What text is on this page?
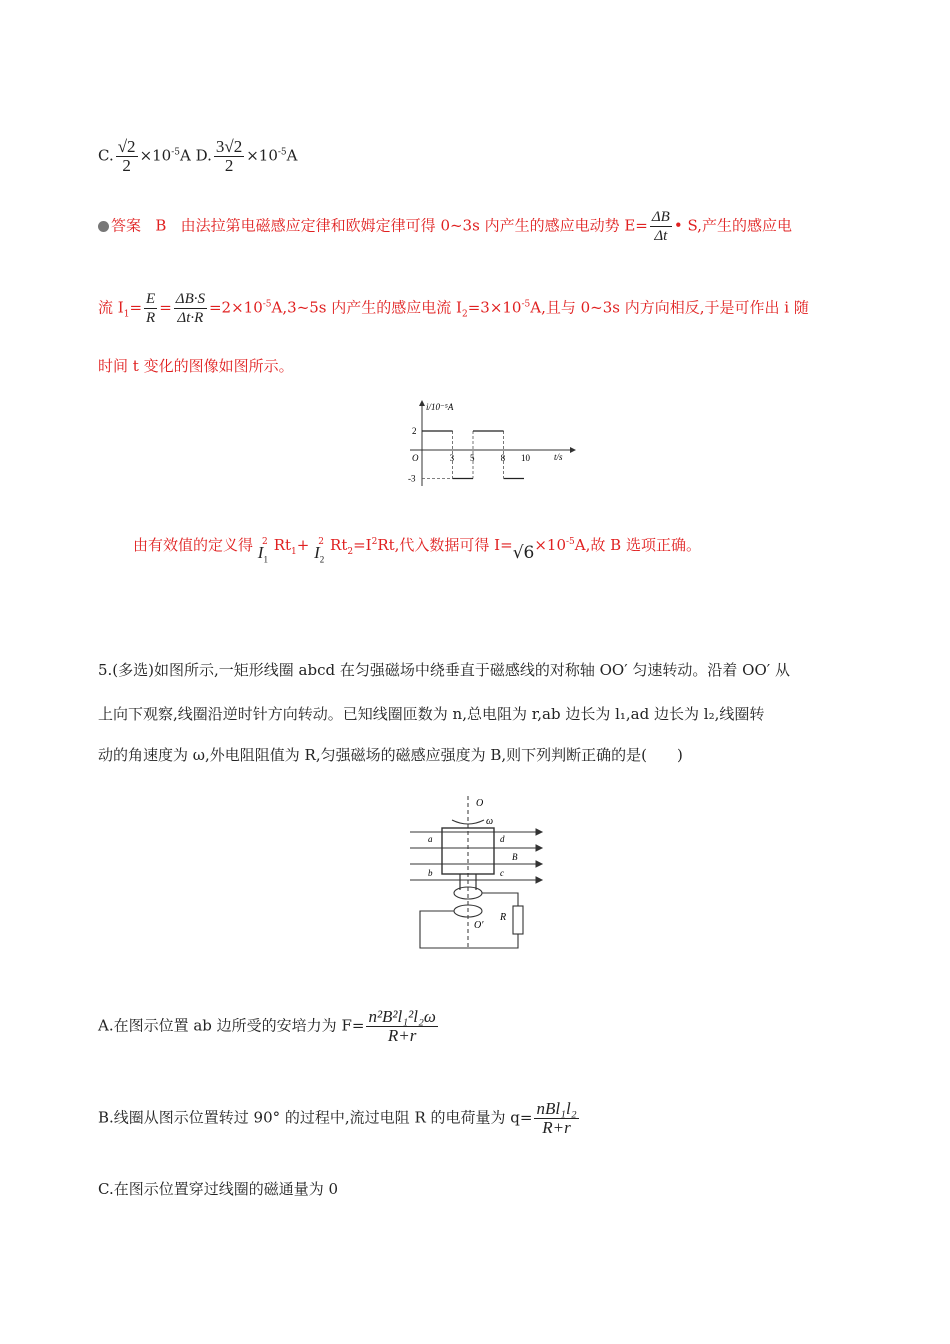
C. $\frac{√2}{2} \times 10^{-5}A$ D. $\frac{3√2}{2} \times 10^{-5}A$
答案 B 由法拉第电磁感应定律和欧姆定律可得 0~3s 内产生的感应电动势 $E= \frac{\Delta B}{\Delta t}$ • S,产生的感应电
流 $I_1= \frac{E}{R} = \frac{\Delta B\cdot S}{\Delta t\cdot R}$ $=2\times 10^{-5}A,3\sim 5s$ 内产生的感应电流 $I_2=3\times 10^{-5}A$,且与 0~3s 内方向相反,于是可作出 i 随
时间 t 变化的图像如图所示。
i/10⁻⁵A
t/s
O	3 5	8 10
2
-3
由有效值的定义得 $I_1^2$ $Rt_1+ I_2^2$ $Rt_2=I^2Rt$,代入数据可得 $I=√6\times 10^{-5}A$,故 B 选项正确。
5.(多选)如图所示,一矩形线圈 abcd 在匀强磁场中绕垂直于磁感线的对称轴 OO′ 匀速转动。沿着 OO′ 从
上向下观察,线圈沿逆时针方向转动。已知线圈匝数为 n,总电阻为 r,ab 边长为 l₁,ad 边长为 l₂,线圈转
动的角速度为 ω,外电阻阻值为 R,匀强磁场的磁感应强度为 B,则下列判断正确的是( )
O
ω
a	d
B
b	c
O′
R
A.在图示位置 ab 边所受的安培力为 $F= \frac{\text{n²B²l₁²l₂ω}}{R+r}$
B.线圈从图示位置转过 90° 的过程中,流过电阻 R 的电荷量为 $q= \frac{\text{nBl₁l₂}}{R+r}$
C.在图示位置穿过线圈的磁通量为 0
